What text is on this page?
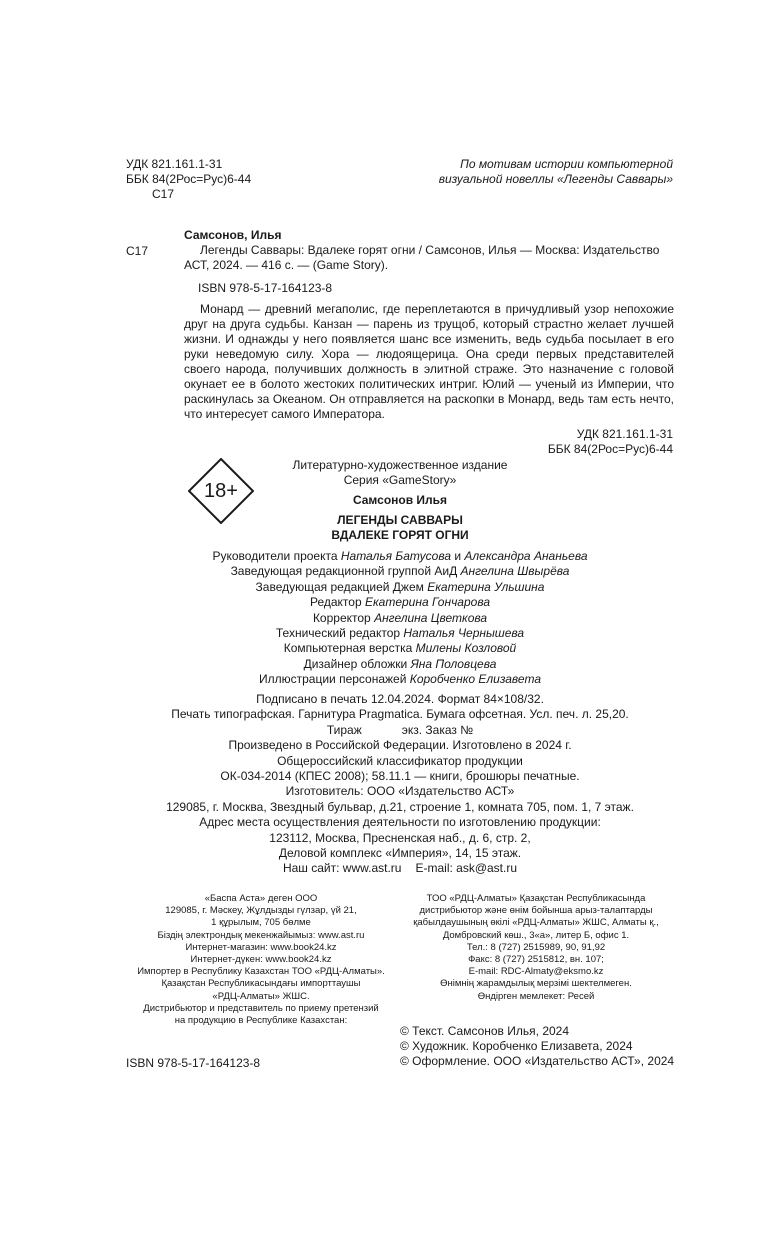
УДК 821.161.1-31
ББК 84(2Рос=Рус)6-44
С17
По мотивам истории компьютерной
визуальной новеллы «Легенды Саввары»
Самсонов, Илья
С17	Легенды Саввары: Вдалеке горят огни / Самсонов, Илья — Москва: Издательство АСТ, 2024. — 416 с. — (Game Story).
ISBN 978-5-17-164123-8
Монард — древний мегаполис, где переплетаются в причудливый узор непохожие друг на друга судьбы. Канзан — парень из трущоб, который страстно желает лучшей жизни. И однажды у него появляется шанс все изменить, ведь судьба посылает в его руки неведомую силу. Хора — людоящерица. Она среди первых представителей своего народа, получивших должность в элитной страже. Это назначение с головой окунает ее в болото жестоких политических интриг. Юлий — ученый из Империи, что раскинулась за Океаном. Он отправляется на раскопки в Монард, ведь там есть нечто, что интересует самого Императора.
УДК 821.161.1-31
ББК 84(2Рос=Рус)6-44
18+
Литературно-художественное издание
Серия «GameStory»
Самсонов Илья
ЛЕГЕНДЫ САВВАРЫ
ВДАЛЕКЕ ГОРЯТ ОГНИ
Руководители проекта Наталья Батусова и Александра Ананьева
Заведующая редакционной группой АиД Ангелина Швырёва
Заведующая редакцией Джем Екатерина Ульшина
Редактор Екатерина Гончарова
Корректор Ангелина Цветкова
Технический редактор Наталья Чернышева
Компьютерная верстка Милены Козловой
Дизайнер обложки Яна Половцева
Иллюстрации персонажей Коробченко Елизавета
Подписано в печать 12.04.2024. Формат 84×108/32.
Печать типографская. Гарнитура Pragmatica. Бумага офсетная. Усл. печ. л. 25,20.
Тираж	экз. Заказ №
Произведено в Российской Федерации. Изготовлено в 2024 г.
Общероссийский классификатор продукции
ОК-034-2014 (КПЕС 2008); 58.11.1 — книги, брошюры печатные.
Изготовитель: ООО «Издательство АСТ»
129085, г. Москва, Звездный бульвар, д.21, строение 1, комната 705, пом. 1, 7 этаж.
Адрес места осуществления деятельности по изготовлению продукции:
123112, Москва, Пресненская наб., д. 6, стр. 2,
Деловой комплекс «Империя», 14, 15 этаж.
Наш сайт: www.ast.ru E-mail: ask@ast.ru
«Баспа Аста» деген ООО
129085, г. Мәскеу, Жұлдызды гүлзар, үй 21,
1 құрылым, 705 бөлме
Біздің электрондық мекенжайымыз: www.ast.ru
Интернет-магазин: www.book24.kz
Интернет-дүкен: www.book24.kz
Импортер в Республику Казахстан ТОО «РДЦ-Алматы».
Қазақстан Республикасындағы импорттаушы
«РДЦ-Алматы» ЖШС.
Дистрибьютор и представитель по приему претензий
на продукцию в Республике Казахстан:
ТОО «РДЦ-Алматы» Қазақстан Республикасында
дистрибьютор және өнім бойынша арыз-талаптарды
қабылдаушының өкілі «РДЦ-Алматы» ЖШС, Алматы қ.,
Домбровский көш., 3«а», литер Б, офис 1.
Тел.: 8 (727) 2515989, 90, 91,92
Факс: 8 (727) 2515812, вн. 107;
E-mail: RDC-Almaty@eksmo.kz
Өнімнің жарамдылық мерзімі шектелмеген.
Өндірген мемлекет: Ресей
ISBN 978-5-17-164123-8
© Текст. Самсонов Илья, 2024
© Художник. Коробченко Елизавета, 2024
© Оформление. ООО «Издательство АСТ», 2024
